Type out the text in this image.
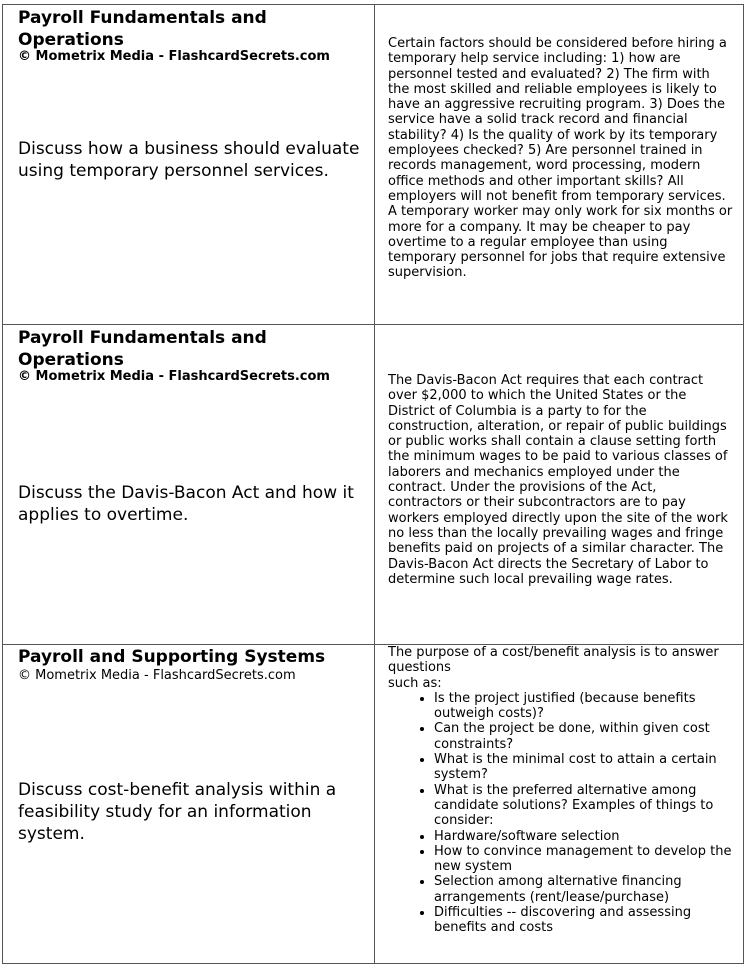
Payroll Fundamentals and Operations
© Mometrix Media - FlashcardSecrets.com
Discuss how a business should evaluate using temporary personnel services.
Certain factors should be considered before hiring a temporary help service including: 1) how are personnel tested and evaluated? 2) The firm with the most skilled and reliable employees is likely to have an aggressive recruiting program. 3) Does the service have a solid track record and financial stability? 4) Is the quality of work by its temporary employees checked? 5) Are personnel trained in records management, word processing, modern office methods and other important skills? All employers will not benefit from temporary services. A temporary worker may only work for six months or more for a company. It may be cheaper to pay overtime to a regular employee than using temporary personnel for jobs that require extensive supervision.
Payroll Fundamentals and Operations
© Mometrix Media - FlashcardSecrets.com
Discuss the Davis-Bacon Act and how it applies to overtime.
The Davis-Bacon Act requires that each contract over $2,000 to which the United States or the District of Columbia is a party to for the construction, alteration, or repair of public buildings or public works shall contain a clause setting forth the minimum wages to be paid to various classes of laborers and mechanics employed under the contract. Under the provisions of the Act, contractors or their subcontractors are to pay workers employed directly upon the site of the work no less than the locally prevailing wages and fringe benefits paid on projects of a similar character. The Davis-Bacon Act directs the Secretary of Labor to determine such local prevailing wage rates.
Payroll and Supporting Systems
© Mometrix Media - FlashcardSecrets.com
Discuss cost-benefit analysis within a feasibility study for an information system.
The purpose of a cost/benefit analysis is to answer questions
such as:
• Is the project justified (because benefits outweigh costs)?
• Can the project be done, within given cost constraints?
• What is the minimal cost to attain a certain system?
• What is the preferred alternative among candidate solutions? Examples of things to consider:
• Hardware/software selection
• How to convince management to develop the new system
• Selection among alternative financing arrangements (rent/lease/purchase)
• Difficulties -- discovering and assessing benefits and costs
